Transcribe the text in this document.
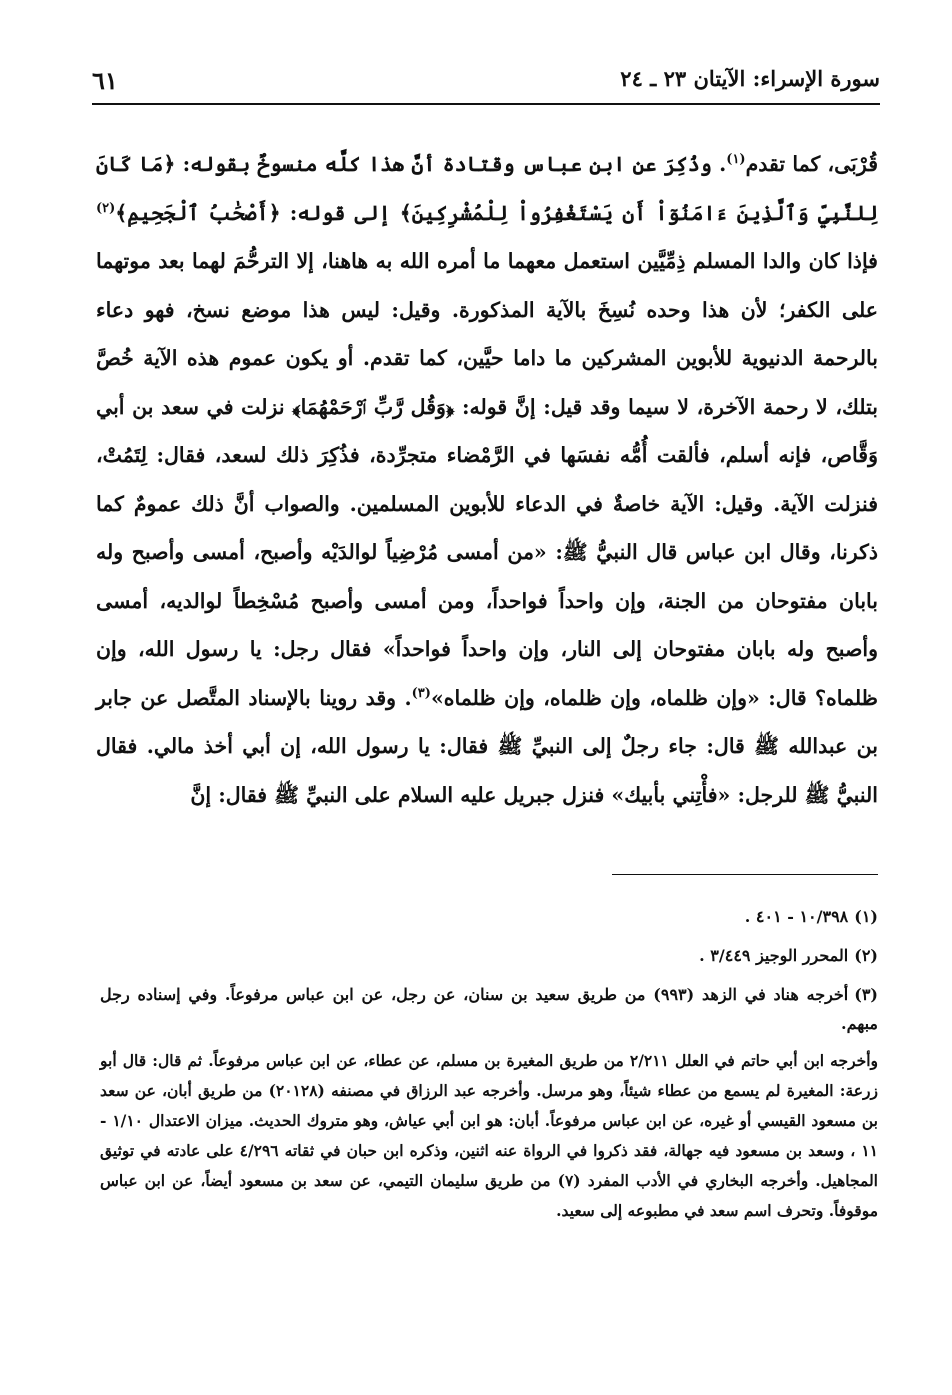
سورة الإسراء: الآيتان ٢٣ ـ ٢٤
٦١

قُرْبَى، كما تقدم$^{(١)}$. وذُكِرَ عن ابن عباس وقتادة أنَّ هذا كلَّه منسوخٌ بقوله: ﴿مَا كَانَ لِلنَّبِيِّ وَٱلَّذِينَ ءَامَنُوٓاْ أَن يَسْتَغْفِرُواْ لِلْمُشْرِكِينَ﴾ إلى قوله: ﴿أَصْحَٰبُ ٱلْجَحِيمِ﴾$^{(٢)}$ فإذا كان والدا المسلم ذِمِّيَّين استعمل معهما ما أمره الله به هاهنا، إلا الترحُّمَ لهما بعد موتهما على الكفر؛ لأن هذا وحده نُسِخَ بالآية المذكورة. وقيل: ليس هذا موضع نسخ، فهو دعاء بالرحمة الدنيوية للأبوين المشركين ما داما حيَّين، كما تقدم. أو يكون عموم هذه الآية خُصَّ بتلك، لا رحمة الآخرة، لا سيما وقد قيل: إنَّ قوله: ﴿وَقُل رَّبِّ ٱرْحَمْهُمَا﴾ نزلت في سعد بن أبي وَقَّاص، فإنه أسلم، فألقت أُمُّه نفسَها في الرَّمْضاء متجرِّدة، فذُكِرَ ذلك لسعد، فقال: لِتَمُتْ، فنزلت الآية. وقيل: الآية خاصةٌ في الدعاء للأبوين المسلمين. والصواب أنَّ ذلك عمومٌ كما ذكرنا، وقال ابن عباس قال النبيُّ ﷺ: «من أمسى مُرْضِياً لوالدَيْه وأصبح، أمسى وأصبح وله بابان مفتوحان من الجنة، وإن واحداً فواحداً، ومن أمسى وأصبح مُسْخِطاً لوالديه، أمسى وأصبح وله بابان مفتوحان إلى النار، وإن واحداً فواحداً» فقال رجل: يا رسول الله، وإن ظلماه؟ قال: «وإن ظلماه، وإن ظلماه، وإن ظلماه»$^{(٣)}$. وقد روينا بالإسناد المتَّصل عن جابر بن عبدالله ﷺ قال: جاء رجلٌ إلى النبيِّ ﷺ فقال: يا رسول الله، إن أبي أخذ مالي. فقال النبيُّ ﷺ للرجل: «فأْتِني بأبيك» فنزل جبريل عليه السلام على النبيِّ ﷺ فقال: إنَّ

(١)١٠/٣٩٨ - ٤٠١ .

(٢)المحرر الوجيز ٣/٤٤٩ .

(٣)أخرجه هناد في الزهد (٩٩٣) من طريق سعيد بن سنان، عن رجل، عن ابن عباس مرفوعاً. وفي إسناده رجل مبهم.

وأخرجه ابن أبي حاتم في العلل ٢/٢١١ من طريق المغيرة بن مسلم، عن عطاء، عن ابن عباس مرفوعاً. ثم قال: قال أبو زرعة: المغيرة لم يسمع من عطاء شيئاً، وهو مرسل. وأخرجه عبد الرزاق في مصنفه (٢٠١٢٨) من طريق أبان، عن سعد بن مسعود القيسي أو غيره، عن ابن عباس مرفوعاً. أبان: هو ابن أبي عياش، وهو متروك الحديث. ميزان الاعتدال ١/١٠ - ١١ ، وسعد بن مسعود فيه جهالة، فقد ذكروا في الرواة عنه اثنين، وذكره ابن حبان في ثقاته ٤/٢٩٦ على عادته في توثيق المجاهيل. وأخرجه البخاري في الأدب المفرد (٧) من طريق سليمان التيمي، عن سعد بن مسعود أيضاً، عن ابن عباس موقوفاً. وتحرف اسم سعد في مطبوعه إلى سعيد.
